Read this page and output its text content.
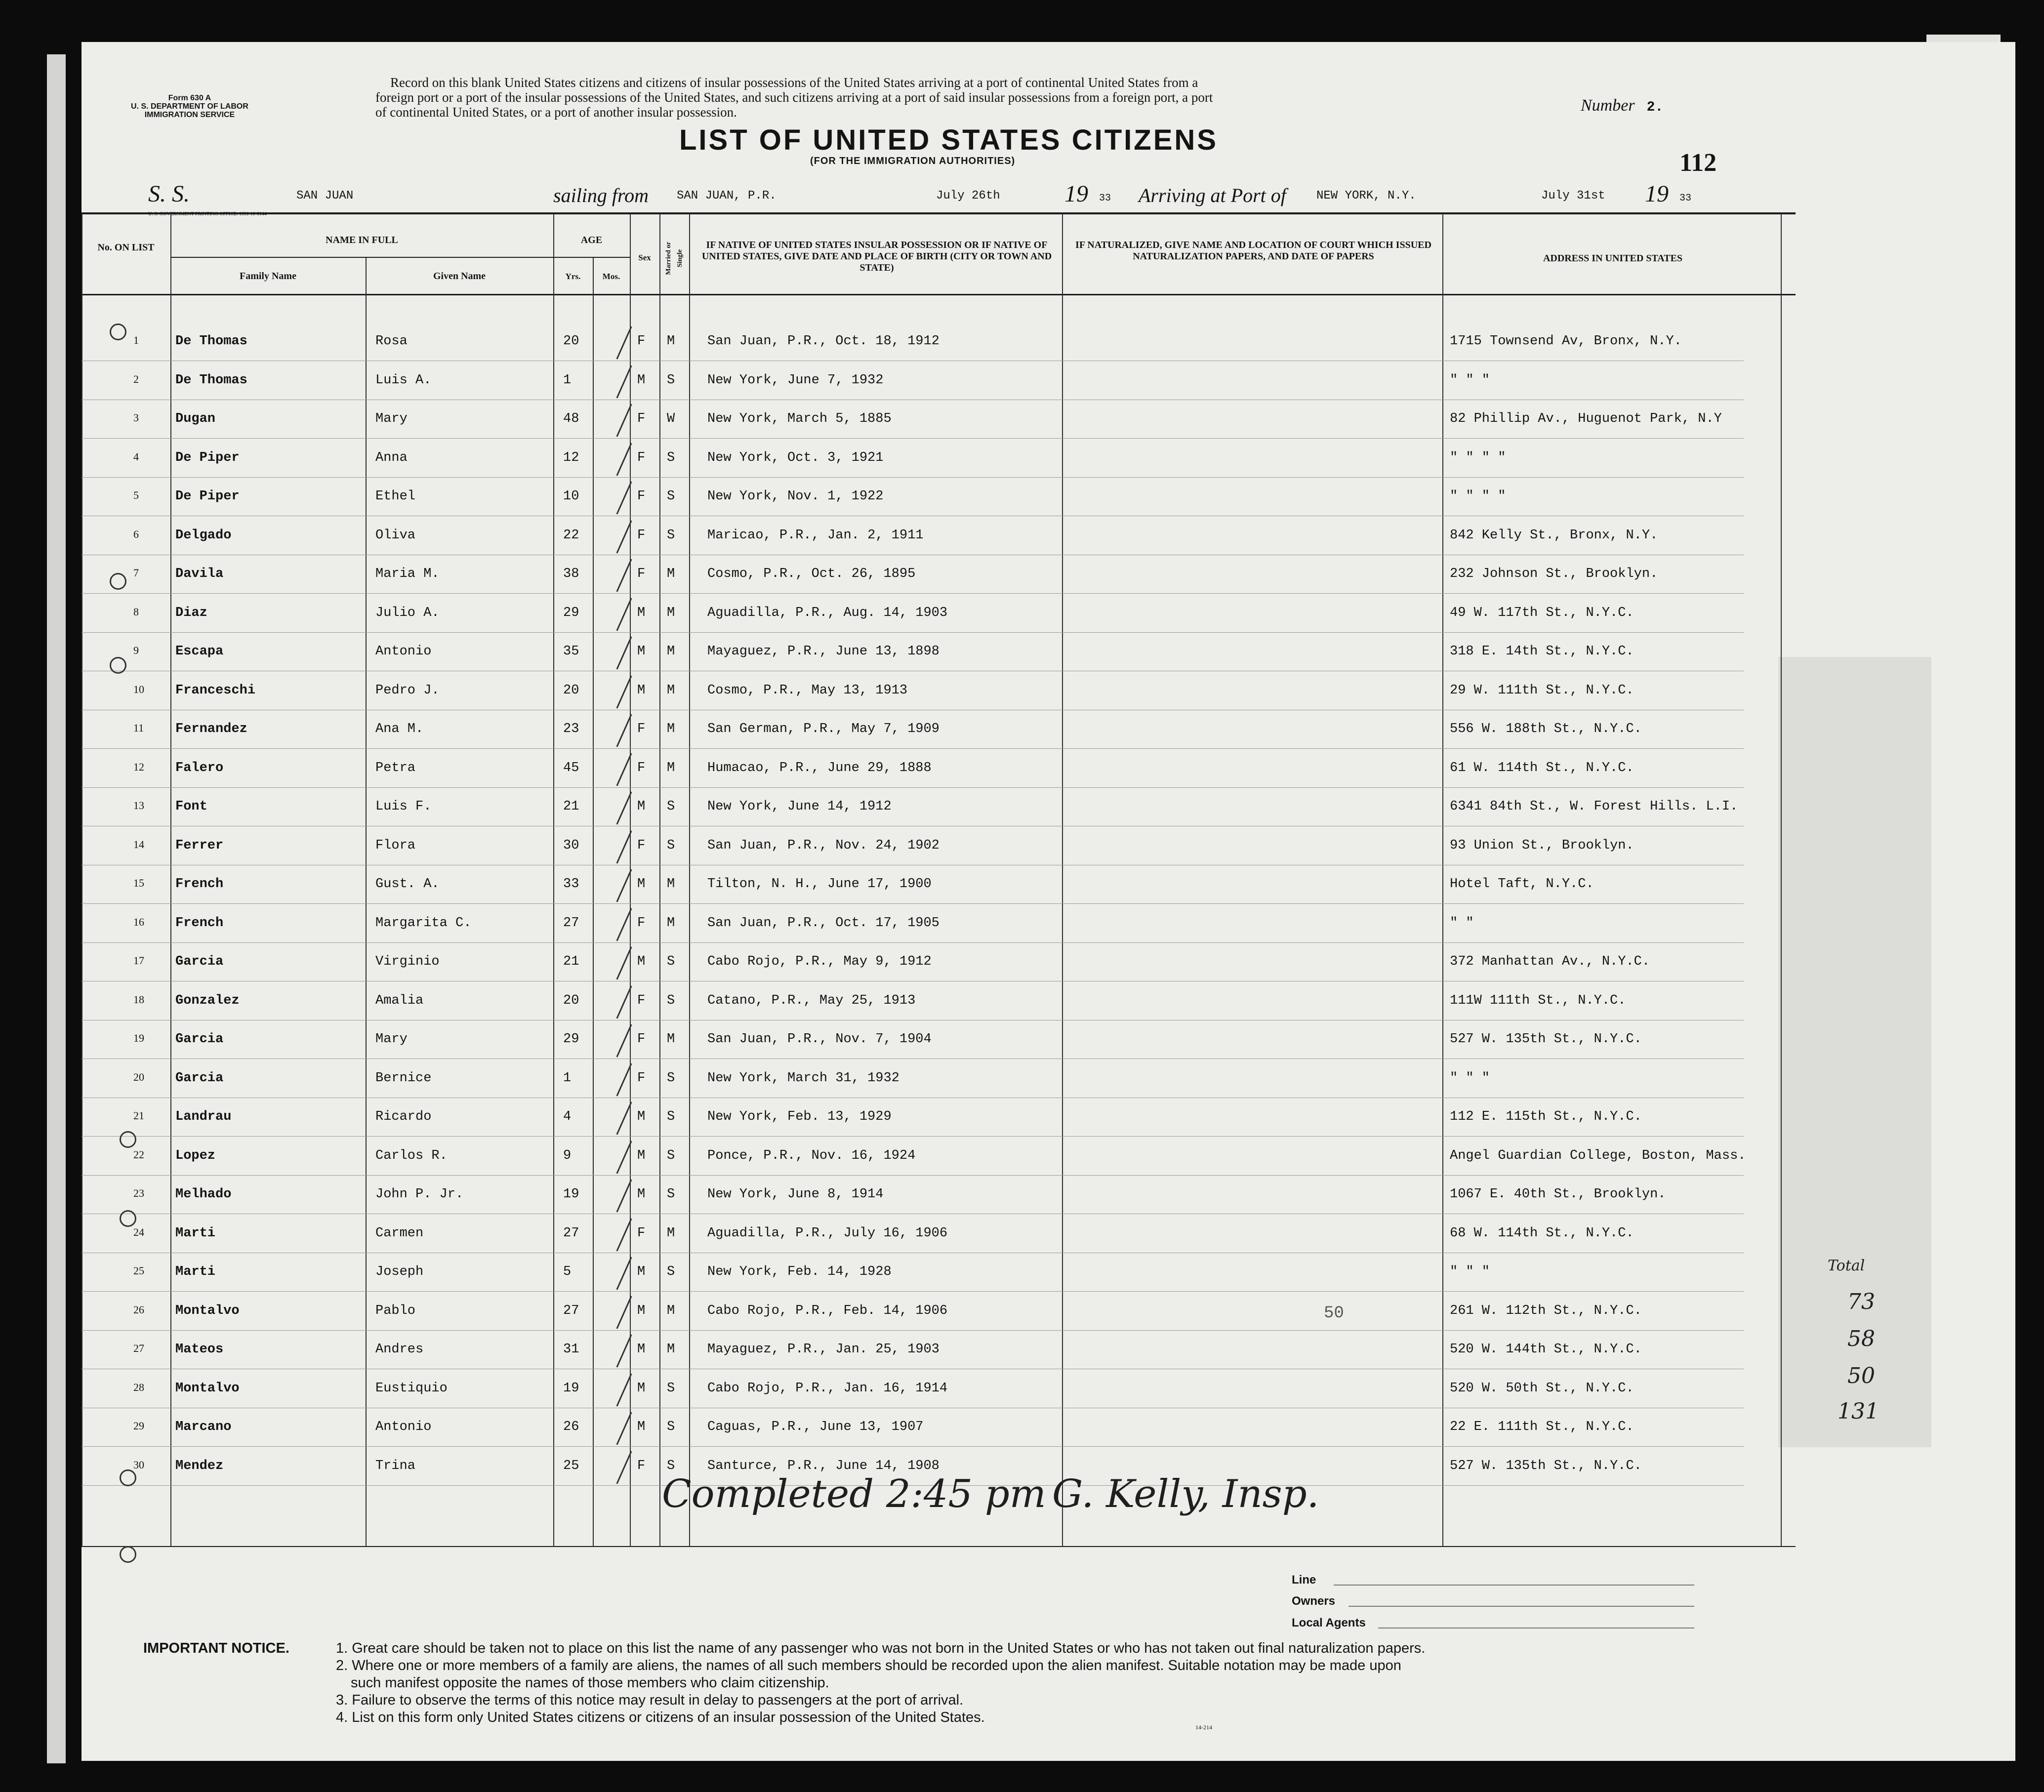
Form 630 A
U. S. DEPARTMENT OF LABOR
IMMIGRATION SERVICE
Record on this blank United States citizens and citizens of insular possessions of the United States arriving at a port of continental United States from a
foreign port or a port of the insular possessions of the United States, and such citizens arriving at a port of said insular possessions from a foreign port, a port
of continental United States, or a port of another insular possession.	Number 2.
LIST OF UNITED STATES CITIZENS
(FOR THE IMMIGRATION AUTHORITIES)	112
S. S.	SAN JUAN	sailing from SAN JUAN, P.R.	July 26th	19 33 Arriving at Port of	NEW YORK, N.Y.	July 31st 19 33
No. ON LIST
NAME IN FULL
Family Name	Given Name
AGE
Yrs.	Mos.
Sex	Married or Single
IF NATIVE OF UNITED STATES INSULAR POSSESSION OR IF NATIVE OF UNITED STATES, GIVE DATE AND PLACE OF BIRTH (CITY OR TOWN AND STATE)
IF NATURALIZED, GIVE NAME AND LOCATION OF COURT WHICH ISSUED NATURALIZATION PAPERS, AND DATE OF PAPERS	ADDRESS IN UNITED STATES
1	De Thomas	Rosa	20	F M San Juan, P.R., Oct. 18, 1912	1715 Townsend Av, Bronx, N.Y.
2	De Thomas	Luis A.	1	M S New York, June 7, 1932	" " "
3	Dugan	Mary	48	F W New York, March 5, 1885	82 Phillip Av., Huguenot Park, N.Y
4	De Piper	Anna	12	F S New York, Oct. 3, 1921	" " " "
5	De Piper	Ethel	10	F S New York, Nov. 1, 1922	" " " "
6	Delgado	Oliva	22	F S Maricao, P.R., Jan. 2, 1911	842 Kelly St., Bronx, N.Y.
7	Davila	Maria M.	38	F M Cosmo, P.R., Oct. 26, 1895	232 Johnson St., Brooklyn.
8	Diaz	Julio A.	29	M M Aguadilla, P.R., Aug. 14, 1903	49 W. 117th St., N.Y.C.
9	Escapa	Antonio	35	M M Mayaguez, P.R., June 13, 1898	318 E. 14th St., N.Y.C.
10 Franceschi	Pedro J.	20	M M Cosmo, P.R., May 13, 1913	29 W. 111th St., N.Y.C.
11 Fernandez	Ana M.	23	F M San German, P.R., May 7, 1909	556 W. 188th St., N.Y.C.
12 Falero	Petra	45	F M Humacao, P.R., June 29, 1888	61 W. 114th St., N.Y.C.
13 Font	Luis F.	21	M S New York, June 14, 1912	6341 84th St., W. Forest Hills. L.I.
14 Ferrer	Flora	30	F S San Juan, P.R., Nov. 24, 1902	93 Union St., Brooklyn.
15 French	Gust. A.	33	M M Tilton, N. H., June 17, 1900	Hotel Taft, N.Y.C.
16 French	Margarita C.	27	F M San Juan, P.R., Oct. 17, 1905	" "
17 Garcia	Virginio	21	M S Cabo Rojo, P.R., May 9, 1912	372 Manhattan Av., N.Y.C.
18 Gonzalez	Amalia	20	F S Catano, P.R., May 25, 1913	111W 111th St., N.Y.C.
19 Garcia	Mary	29	F M San Juan, P.R., Nov. 7, 1904	527 W. 135th St., N.Y.C.
20 Garcia	Bernice	1	F S New York, March 31, 1932	" " "
21 Landrau	Ricardo	4	M S New York, Feb. 13, 1929	112 E. 115th St., N.Y.C.
22 Lopez	Carlos R.	9	M S Ponce, P.R., Nov. 16, 1924	Angel Guardian College, Boston, Mass.
23 Melhado	John P. Jr.	19	M S New York, June 8, 1914	1067 E. 40th St., Brooklyn.
24 Marti	Carmen	27	F M Aguadilla, P.R., July 16, 1906	68 W. 114th St., N.Y.C.
25 Marti	Joseph	5	M S New York, Feb. 14, 1928	" " "
26 Montalvo	Pablo	27	M M Cabo Rojo, P.R., Feb. 14, 1906	261 W. 112th St., N.Y.C.
27 Mateos	Andres	31	M M Mayaguez, P.R., Jan. 25, 1903	520 W. 144th St., N.Y.C.
28 Montalvo	Eustiquio	19	M S Cabo Rojo, P.R., Jan. 16, 1914	520 W. 50th St., N.Y.C.
29 Marcano	Antonio	26	M S Caguas, P.R., June 13, 1907	22 E. 111th St., N.Y.C.
30 Mendez	Trina	25	F S Santurce, P.R., June 14, 1908	527 W. 135th St., N.Y.C.
Completed 2:45 pm G. Kelly, Insp.
Total
73
58
50
131
50
Line
Owners
Local Agents
IMPORTANT NOTICE.	1. Great care should be taken not to place on this list the name of any passenger who was not born in the United States or who has not taken out final naturalization papers.
2. Where one or more members of a family are aliens, the names of all such members should be recorded upon the alien manifest. Suitable notation may be made upon
such manifest opposite the names of those members who claim citizenship.
3. Failure to observe the terms of this notice may result in delay to passengers at the port of arrival.
4. List on this form only United States citizens or citizens of an insular possession of the United States.
14-214
